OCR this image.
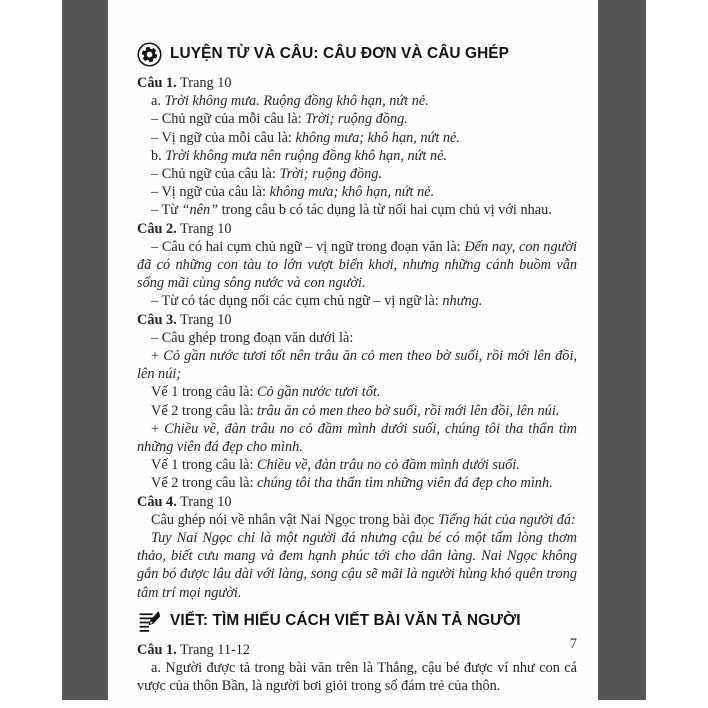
LUYỆN TỪ VÀ CÂU: CÂU ĐƠN VÀ CÂU GHÉP

Câu 1. Trang 10

a. Trời không mưa. Ruộng đồng khô hạn, nứt nẻ.

– Chủ ngữ của mỗi câu là: Trời; ruộng đồng.

– Vị ngữ của mỗi câu là: không mưa; khô hạn, nứt nẻ.

b. Trời không mưa nên ruộng đồng khô hạn, nứt nẻ.

– Chủ ngữ của câu là: Trời; ruộng đồng.

– Vị ngữ của câu là: không mưa; khô hạn, nứt nẻ.

– Từ “nên” trong câu b có tác dụng là từ nối hai cụm chủ vị với nhau.

Câu 2. Trang 10

– Câu có hai cụm chủ ngữ – vị ngữ trong đoạn văn là: Đến nay, con người đã có những con tàu to lớn vượt biển khơi, nhưng những cánh buồm vẫn sống mãi cùng sông nước và con người.

– Từ có tác dụng nối các cụm chủ ngữ – vị ngữ là: nhưng.

Câu 3. Trang 10

– Câu ghép trong đoạn văn dưới là:

+ Cỏ gần nước tươi tốt nên trâu ăn cỏ men theo bờ suối, rồi mới lên đồi, lên núi;

Vế 1 trong câu là: Cỏ gần nước tươi tốt.

Vế 2 trong câu là: trâu ăn cỏ men theo bờ suối, rồi mới lên đồi, lên núi.

+ Chiều về, đàn trâu no cỏ đầm mình dưới suối, chúng tôi tha thẩn tìm những viên đá đẹp cho mình.

Vế 1 trong câu là: Chiều về, đàn trâu no cỏ đầm mình dưới suối.

Vế 2 trong câu là: chúng tôi tha thẩn tìm những viên đá đẹp cho mình.

Câu 4. Trang 10

Câu ghép nói về nhân vật Nai Ngọc trong bài đọc Tiếng hát của người đá:

Tuy Nai Ngọc chỉ là một người đá nhưng cậu bé có một tấm lòng thơm thảo, biết cưu mang và đem hạnh phúc tới cho dân làng. Nai Ngọc không gắn bó được lâu dài với làng, song cậu sẽ mãi là người hùng khó quên trong tâm trí mọi người.

VIẾT: TÌM HIỂU CÁCH VIẾT BÀI VĂN TẢ NGƯỜI

Câu 1. Trang 11-12

a. Người được tả trong bài văn trên là Thắng, cậu bé được ví như con cá vược của thôn Bần, là người bơi giỏi trong số đám trẻ của thôn.

7
